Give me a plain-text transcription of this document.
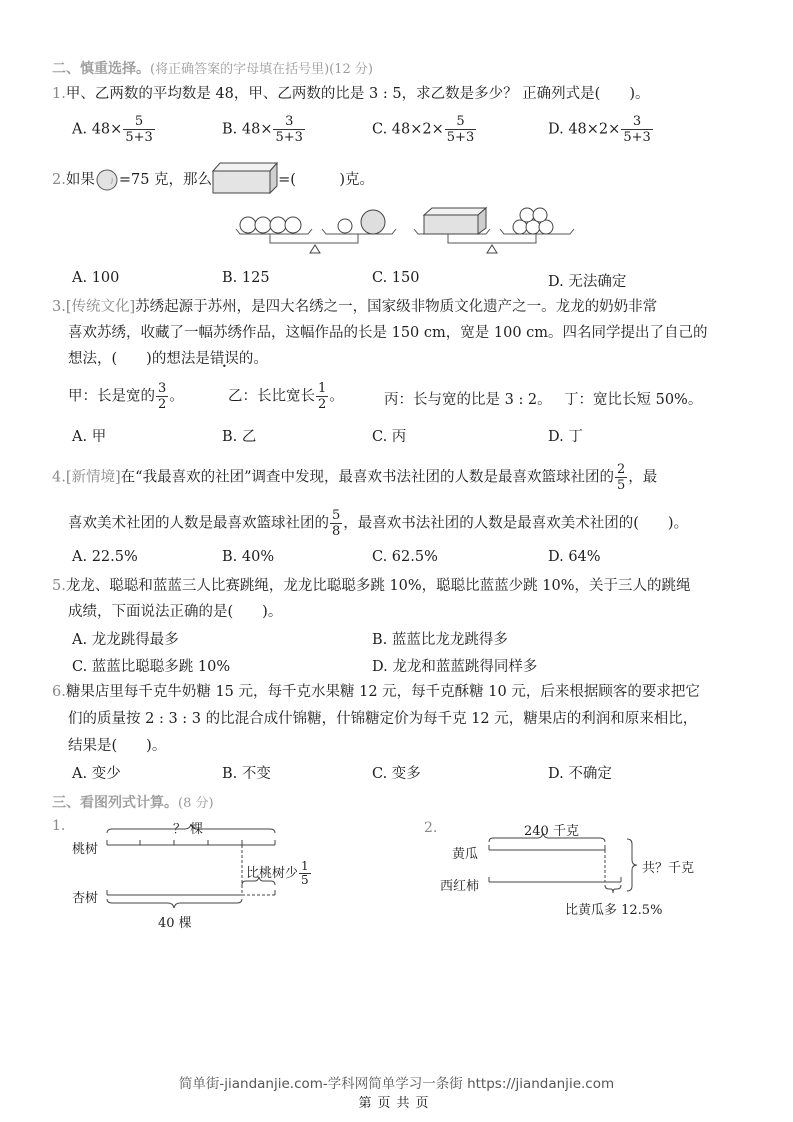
二、慎重选择。(将正确答案的字母填在括号里)(12 分)
1.甲、乙两数的平均数是 48，甲、乙两数的比是 3 : 5，求乙数是多少？ 正确列式是(　　)。
A. $48\times \frac{5}{5+3}$	B. $48\times \frac{3}{5+3}$	C. $48\times 2\times \frac{5}{5+3}$	D. $48\times 2\times \frac{3}{5+3}$
2. 如果 =75 克，那么	=(　　　)克。
A. 100	B. 125	C. 150	D. 无法确定
3.[传统文化]苏绣起源于苏州，是四大名绣之一，国家级非物质文化遗产之一。龙龙的奶奶非常
喜欢苏绣，收藏了一幅苏绣作品，这幅作品的长是 150 cm，宽是 100 cm。四名同学提出了自己的
想法，(　　)的想法是错误的。
甲：长是宽的 $\frac{3}{2}$ 。	乙：长比宽长 $\frac{1}{2}$ 。	丙：长与宽的比是 3 : 2。 丁：宽比长短 50%。
A. 甲	B. 乙	C. 丙	D. 丁
4.[新情境]在“我最喜欢的社团”调查中发现，最喜欢书法社团的人数是最喜欢篮球社团的 $\frac{2}{5}$ ，最
喜欢美术社团的人数是最喜欢篮球社团的 $\frac{5}{8}$ ，最喜欢书法社团的人数是最喜欢美术社团的(　　)。
A. 22.5%	B. 40%	C. 62.5%	D. 64%
5.龙龙、聪聪和蓝蓝三人比赛跳绳，龙龙比聪聪多跳 10%，聪聪比蓝蓝少跳 10%，关于三人的跳绳
成绩，下面说法正确的是(　　)。
A. 龙龙跳得最多	B. 蓝蓝比龙龙跳得多
C. 蓝蓝比聪聪多跳 10%	D. 龙龙和蓝蓝跳得同样多
6.糖果店里每千克牛奶糖 15 元，每千克水果糖 12 元，每千克酥糖 10 元，后来根据顾客的要求把它
们的质量按 2 : 3 : 3 的比混合成什锦糖，什锦糖定价为每千克 12 元，糖果店的利润和原来相比，
结果是(　　)。
A. 变少	B. 不变	C. 变多	D. 不确定
三、看图列式计算。(8 分)
1.	？ 棵
桃树
杏树
比桃树少 $\frac{1}{5}$
40 棵
2.	240 千克
黄瓜
西红柿
共？千克
比黄瓜多 12.5%
简单街-jiandanjie.com-学科网简单学习一条街 https://jiandanjie.com
第页共页
